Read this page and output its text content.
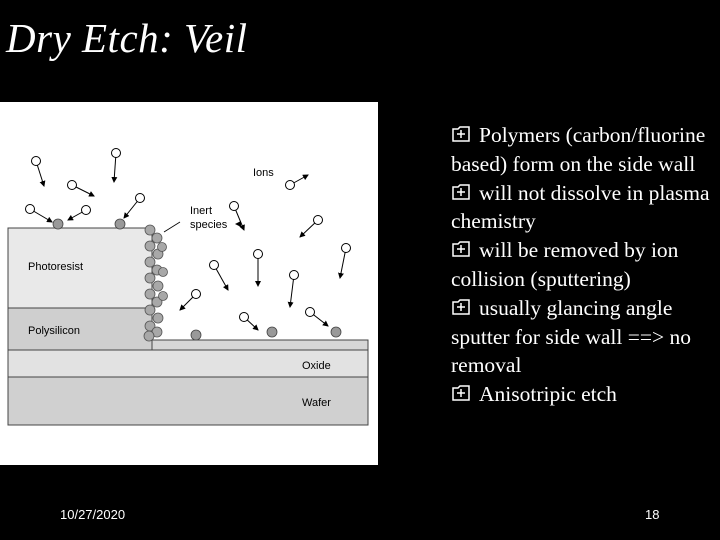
Dry Etch: Veil
Ions
Inert
species
Photoresist
Polysilicon
Oxide
Wafer
Polymers (carbon/fluorine based) form on the side wall
will not dissolve in plasma chemistry
will be removed by ion collision (sputtering)
usually glancing angle sputter for side wall ==> no removal
Anisotripic etch
10/27/2020	18
